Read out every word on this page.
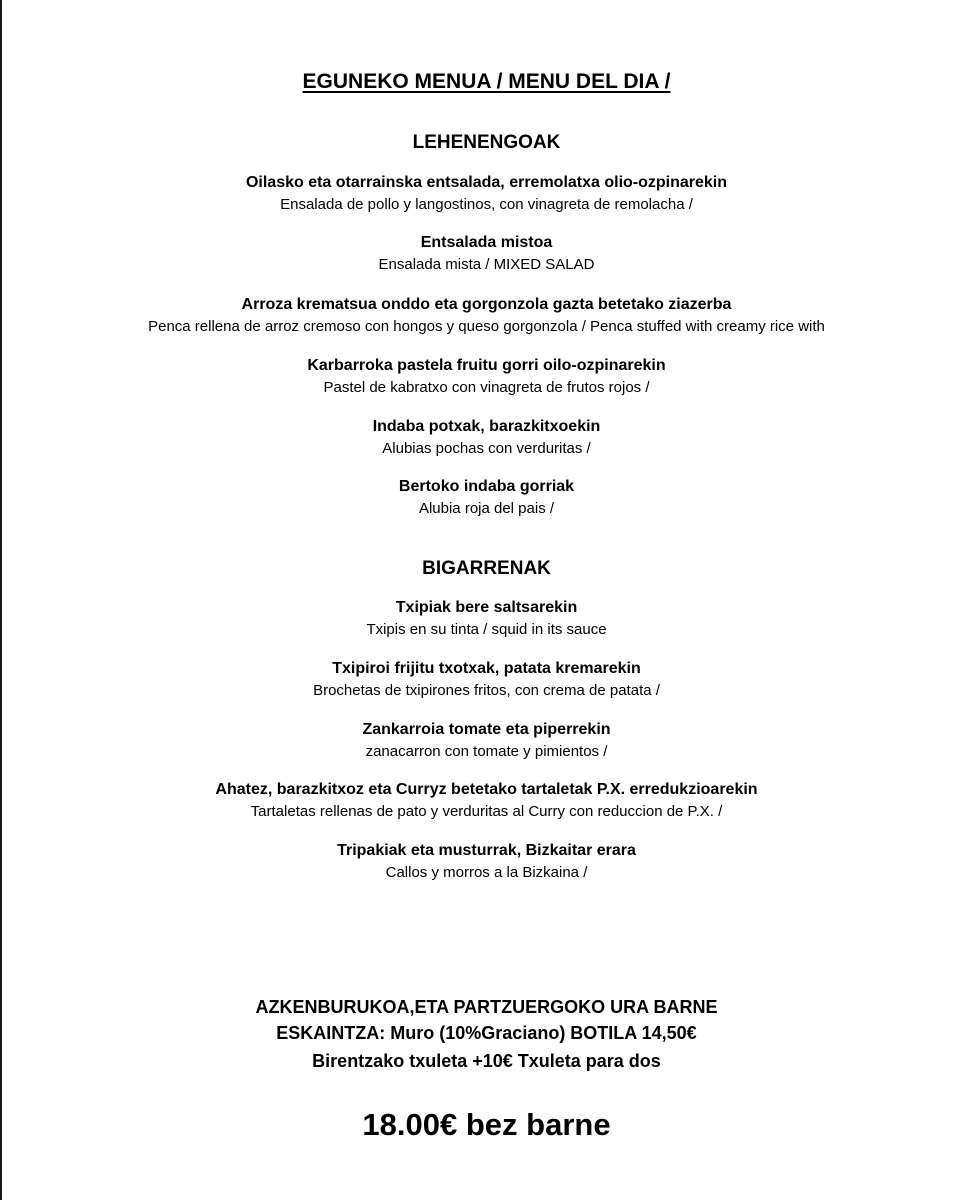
EGUNEKO MENUA / MENU DEL DIA /
LEHENENGOAK
Oilasko eta otarrainska entsalada, erremolatxa olio-ozpinarekin
Ensalada de pollo y langostinos, con vinagreta de remolacha /
Entsalada mistoa
Ensalada mista / MIXED SALAD
Arroza krematsua onddo eta gorgonzola gazta betetako ziazerba
Penca rellena de arroz cremoso con hongos y queso gorgonzola / Penca stuffed with creamy rice with
Karbarroka pastela fruitu gorri oilo-ozpinarekin
Pastel de kabratxo con vinagreta de frutos rojos /
Indaba potxak, barazkitxoekin
Alubias pochas con verduritas /
Bertoko indaba gorriak
Alubia roja del pais /
BIGARRENAK
Txipiak bere saltsarekin
Txipis en su tinta / squid in its sauce
Txipiroi frijitu txotxak, patata kremarekin
Brochetas de txipirones fritos, con crema de patata /
Zankarroia tomate eta piperrekin
zanacarron con tomate y pimientos /
Ahatez, barazkitxoz eta Curryz betetako tartaletak P.X. erredukzioarekin
Tartaletas rellenas de pato y verduritas al Curry con reduccion de P.X. /
Tripakiak eta musturrak, Bizkaitar erara
Callos y morros a la Bizkaina /
AZKENBURUKOA,ETA PARTZUERGOKO URA BARNE
ESKAINTZA: Muro (10%Graciano) BOTILA 14,50€
Birentzako txuleta +10€ Txuleta para dos
18.00€ bez barne
